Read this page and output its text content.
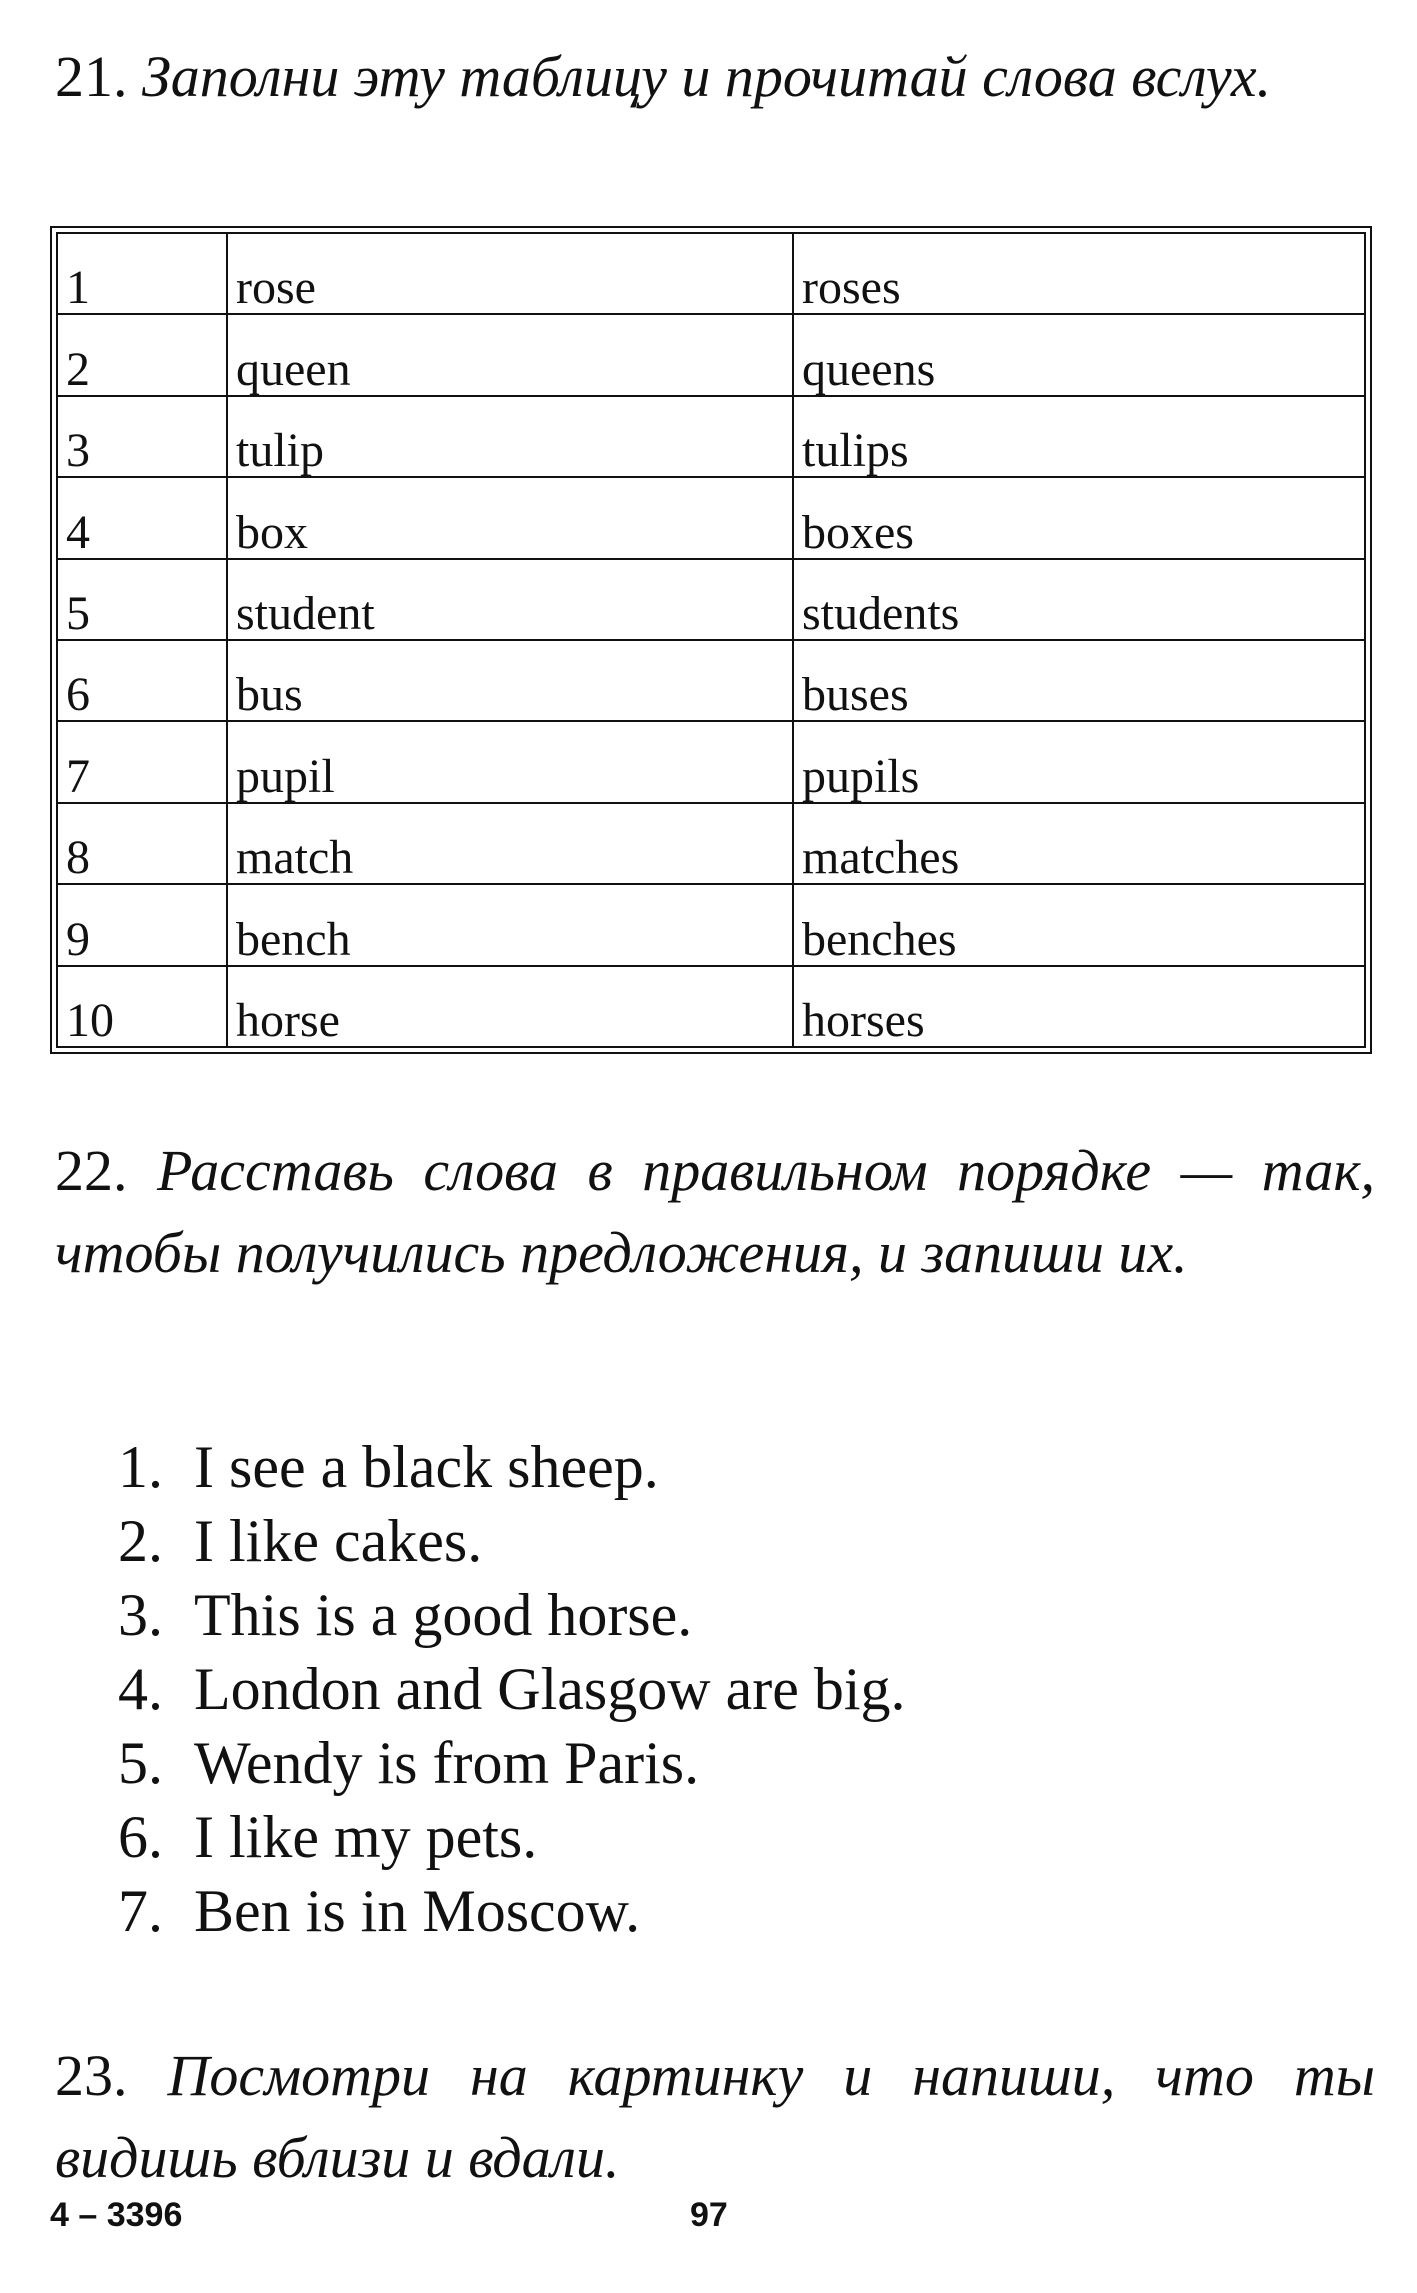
21. Заполни эту таблицу и прочитай слова вслух.
1	rose	roses
2	queen	queens
3	tulip	tulips
4	box	boxes
5	student	students
6	bus	buses
7	pupil	pupils
8	match	matches
9	bench	benches
10	horse	horses
22. Расставь слова в правильном порядке — так, чтобы получились предложения, и запиши их.
1. I see a black sheep.
2. I like cakes.
3. This is a good horse.
4. London and Glasgow are big.
5. Wendy is from Paris.
6. I like my pets.
7. Ben is in Moscow.
23. Посмотри на картинку и напиши, что ты видишь вблизи и вдали.
4 – 3396	97
